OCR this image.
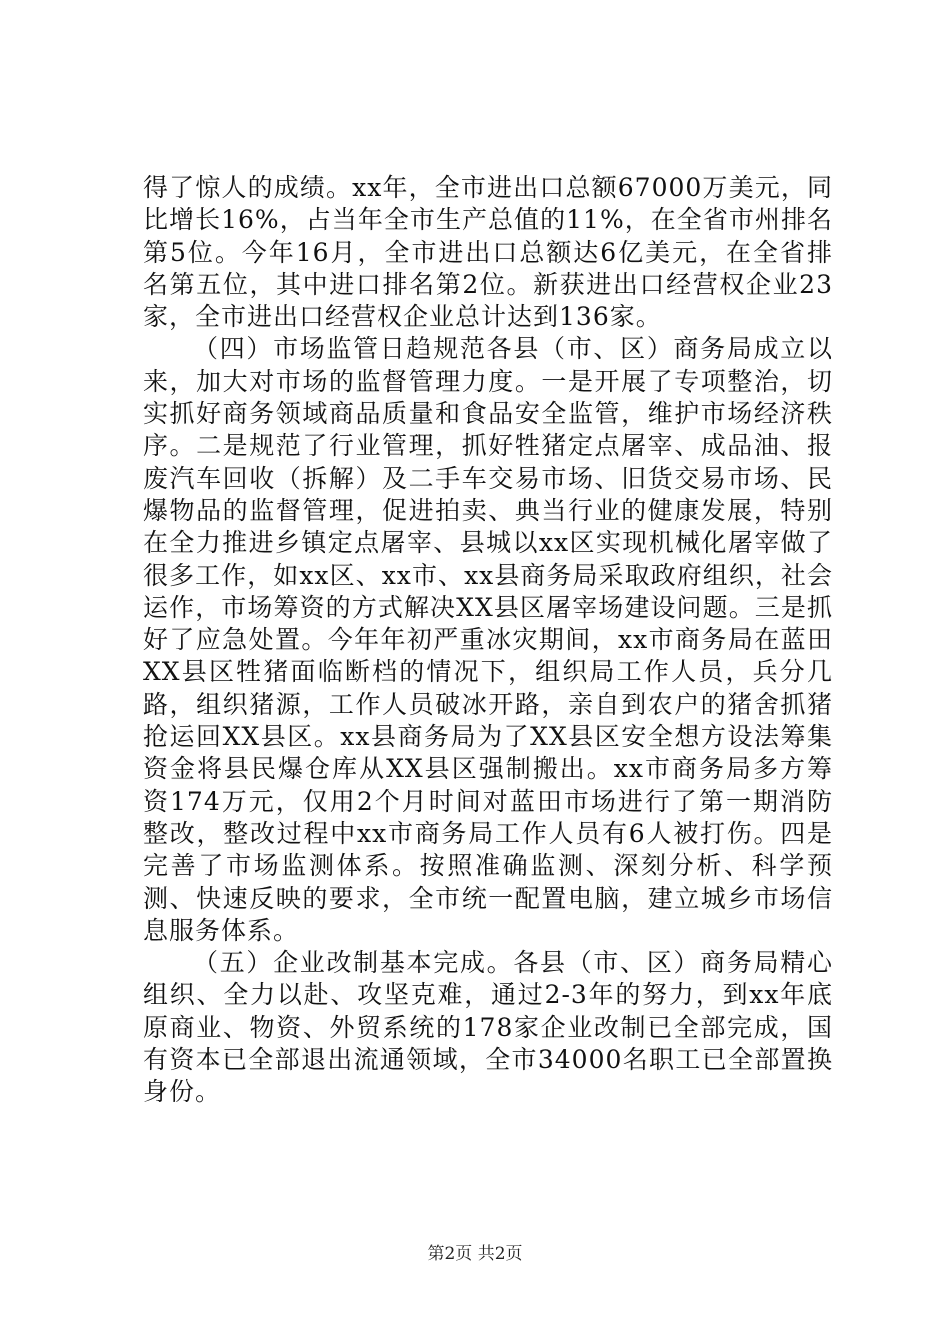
得了惊人的成绩。xx年，全市进出口总额67000万美元，同比增长16%，占当年全市生产总值的11%，在全省市州排名第5位。今年16月，全市进出口总额达6亿美元，在全省排名第五位，其中进口排名第2位。新获进出口经营权企业23家，全市进出口经营权企业总计达到136家。

（四）市场监管日趋规范各县（市、区）商务局成立以来，加大对市场的监督管理力度。一是开展了专项整治，切实抓好商务领域商品质量和食品安全监管，维护市场经济秩序。二是规范了行业管理，抓好牲猪定点屠宰、成品油、报废汽车回收（拆解）及二手车交易市场、旧货交易市场、民爆物品的监督管理，促进拍卖、典当行业的健康发展，特别在全力推进乡镇定点屠宰、县城以xx区实现机械化屠宰做了很多工作，如xx区、xx市、xx县商务局采取政府组织，社会运作，市场筹资的方式解决XX县区屠宰场建设问题。三是抓好了应急处置。今年年初严重冰灾期间，xx市商务局在蓝田XX县区牲猪面临断档的情况下，组织局工作人员，兵分几路，组织猪源，工作人员破冰开路，亲自到农户的猪舍抓猪抢运回XX县区。xx县商务局为了XX县区安全想方设法筹集资金将县民爆仓库从XX县区强制搬出。xx市商务局多方筹资174万元，仅用2个月时间对蓝田市场进行了第一期消防整改，整改过程中xx市商务局工作人员有6人被打伤。四是完善了市场监测体系。按照准确监测、深刻分析、科学预测、快速反映的要求，全市统一配置电脑，建立城乡市场信息服务体系。

（五）企业改制基本完成。各县（市、区）商务局精心组织、全力以赴、攻坚克难，通过2-3年的努力，到xx年底原商业、物资、外贸系统的178家企业改制已全部完成，国有资本已全部退出流通领域，全市34000名职工已全部置换身份。

第2页 共2页
